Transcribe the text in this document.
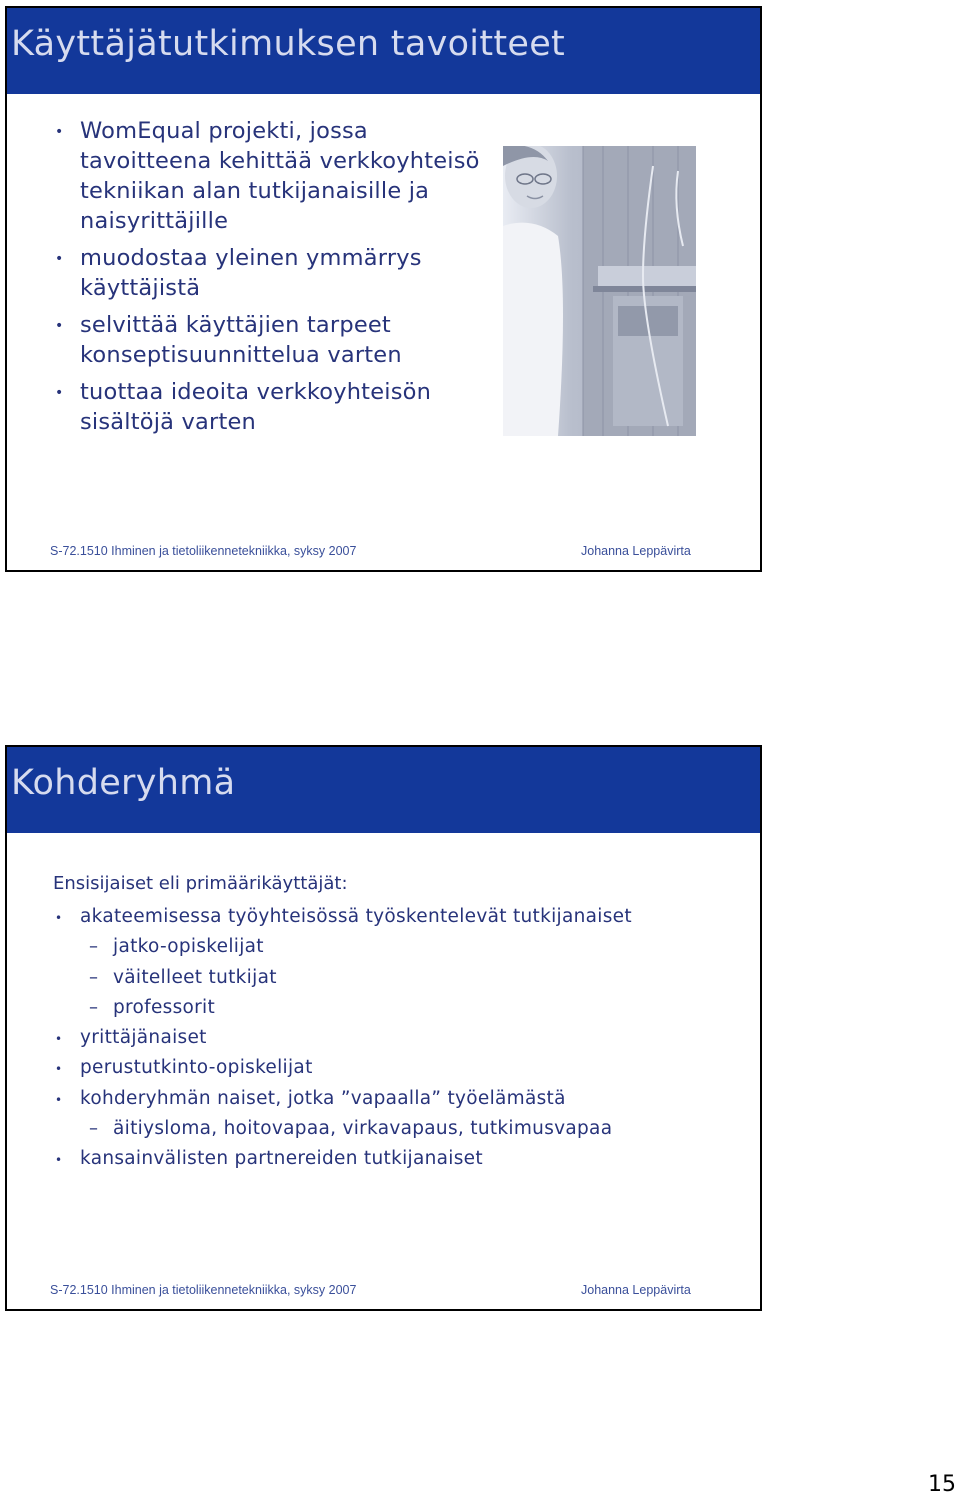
Käyttäjätutkimuksen tavoitteet
• WomEqual projekti, jossa tavoitteena kehittää verkkoyhteisö tekniikan alan tutkijanaisille ja naisyrittäjille
• muodostaa yleinen ymmärrys käyttäjistä
• selvittää käyttäjien tarpeet konseptisuunnittelua varten
• tuottaa ideoita verkkoyhteisön sisältöjä varten
S-72.1510 Ihminen ja tietoliikennetekniikka, syksy 2007	Johanna Leppävirta
Kohderyhmä

Ensisijaiset eli primäärikäyttäjät:

• akateemisessa työyhteisössä työskentelevät tutkijanaiset
– jatko-opiskelijat
– väitelleet tutkijat
– professorit
• yrittäjänaiset
• perustutkinto-opiskelijat
• kohderyhmän naiset, jotka ”vapaalla” työelämästä
– äitiysloma, hoitovapaa, virkavapaus, tutkimusvapaa
• kansainvälisten partnereiden tutkijanaiset
S-72.1510 Ihminen ja tietoliikennetekniikka, syksy 2007	Johanna Leppävirta
15
